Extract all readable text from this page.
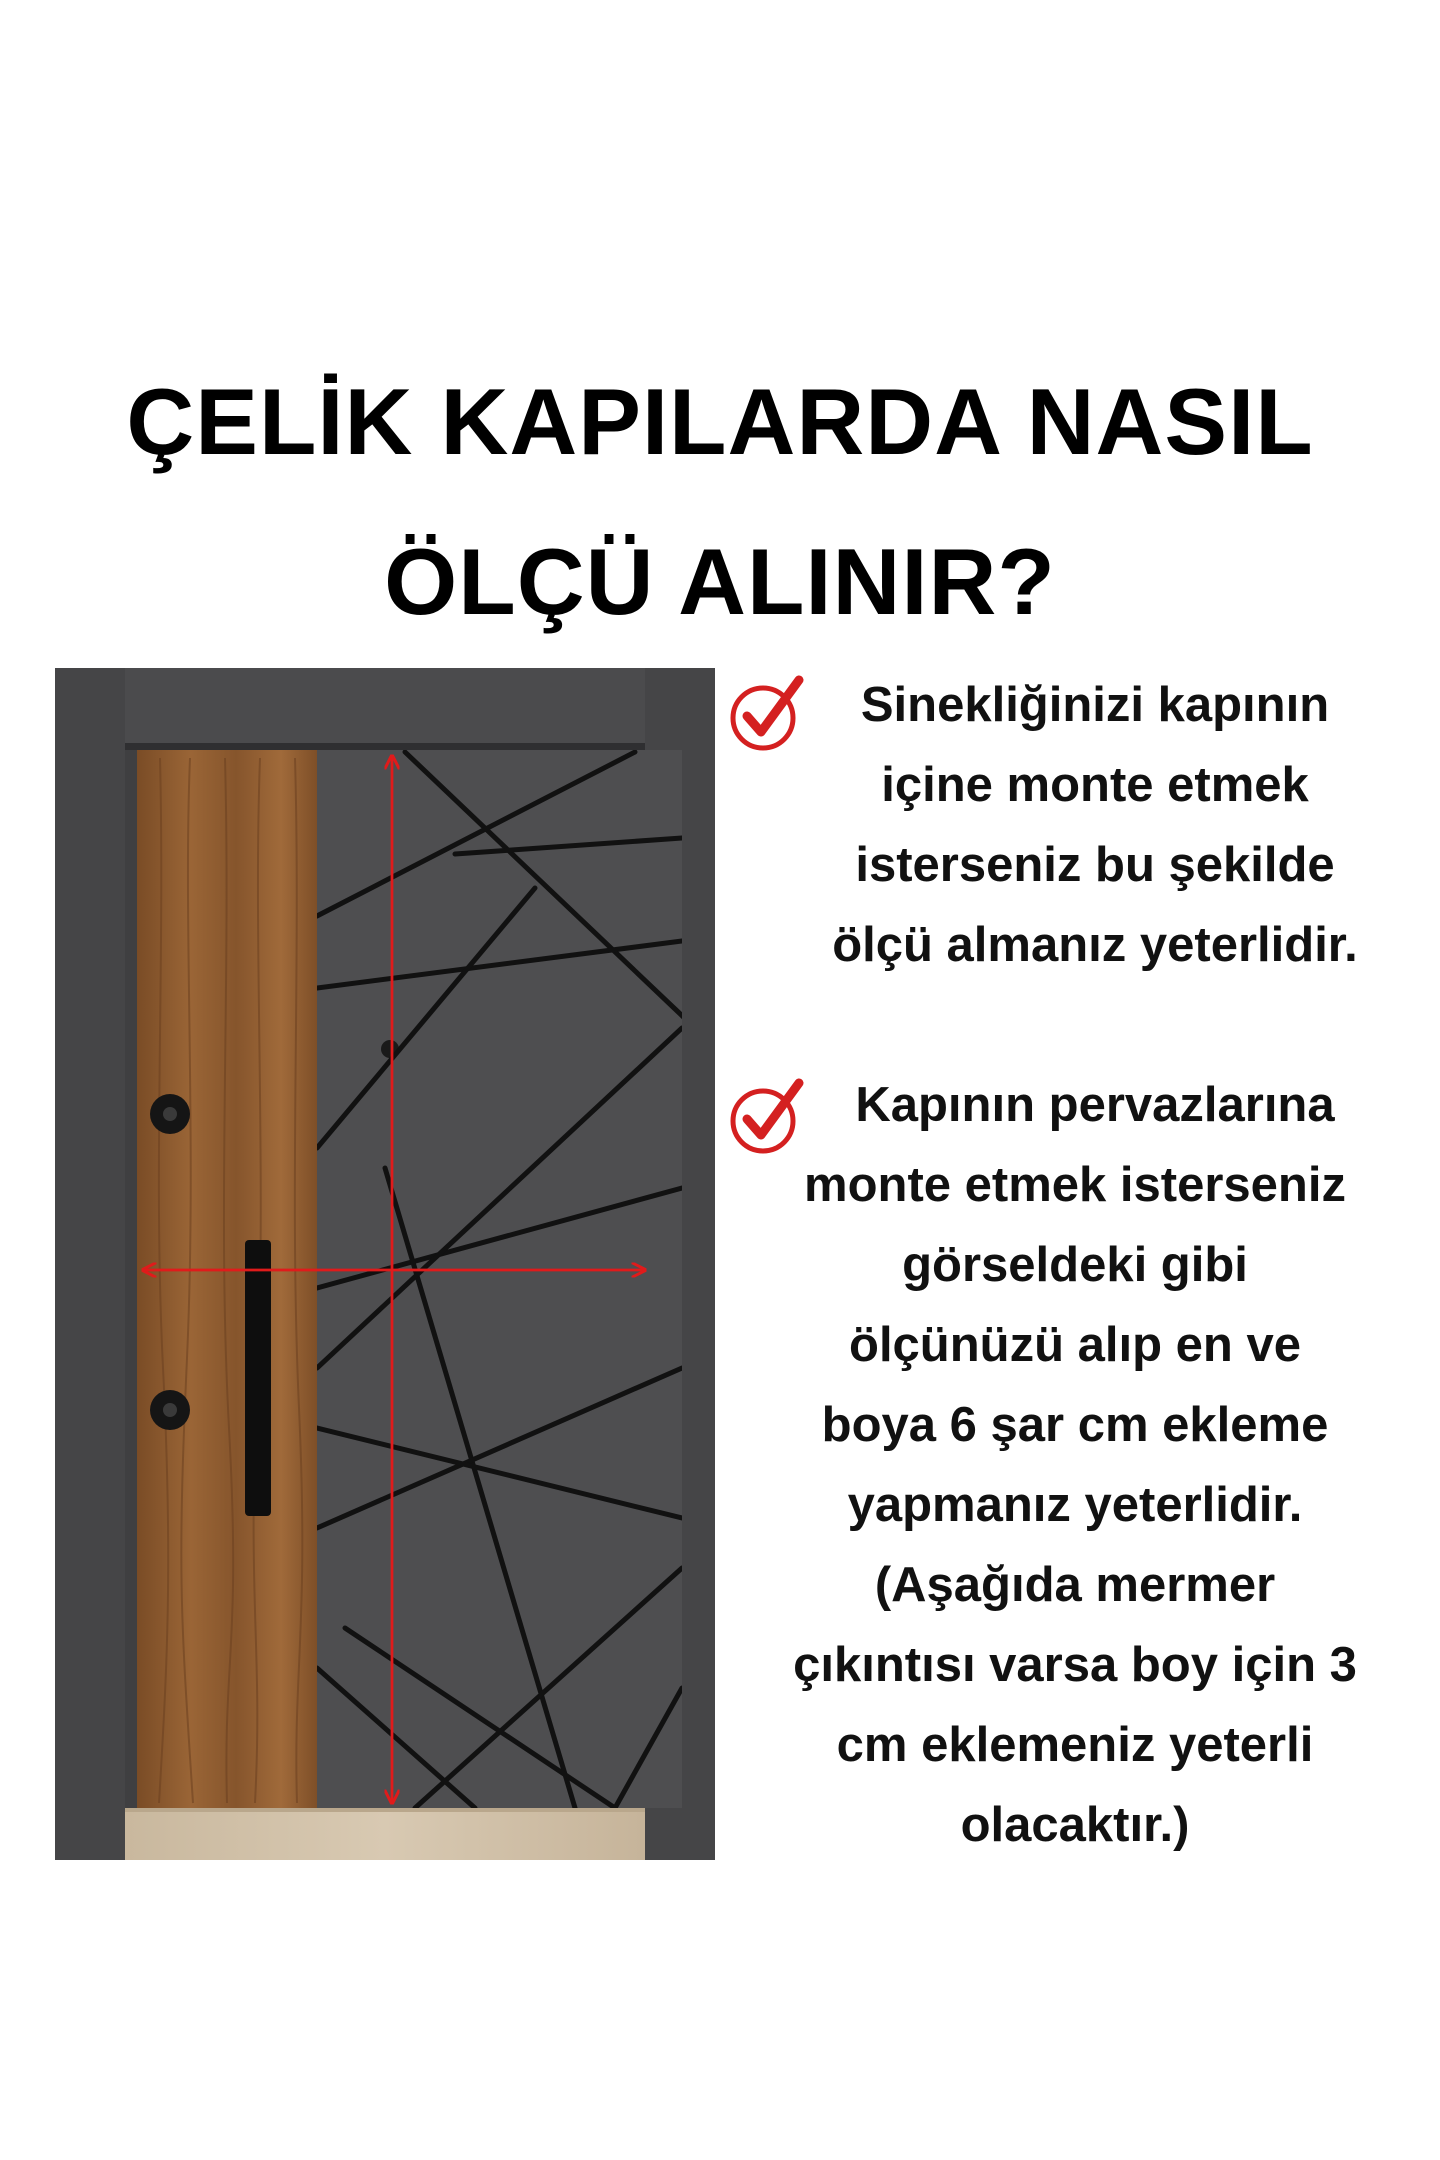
ÇELİK KAPILARDA NASIL
ÖLÇÜ ALINIR?
Sinekliğinizi kapının
içine monte etmek
isterseniz bu şekilde
ölçü almanız yeterlidir.
Kapının pervazlarına
monte etmek isterseniz
görseldeki gibi
ölçünüzü alıp en ve
boya 6 şar cm ekleme
yapmanız yeterlidir.
(Aşağıda mermer
çıkıntısı varsa boy için 3
cm eklemeniz yeterli
olacaktır.)
